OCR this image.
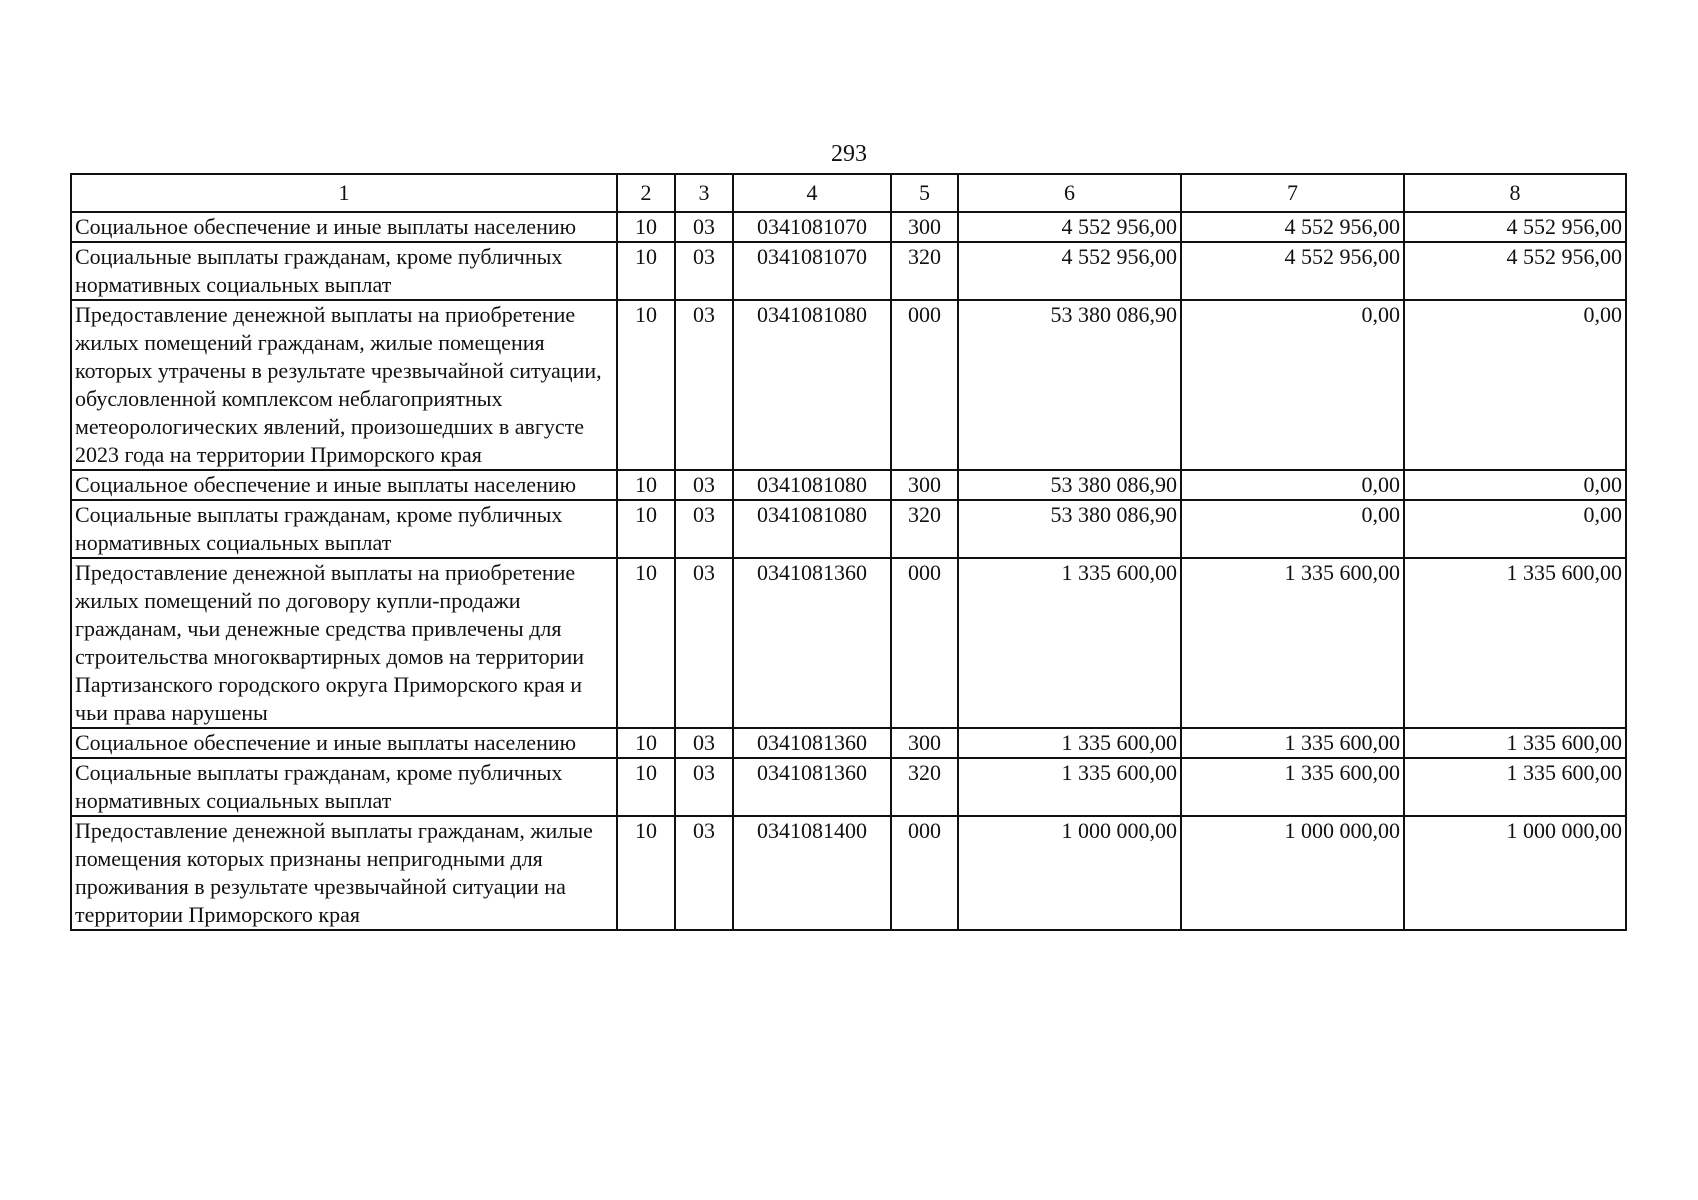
293
1	2	3	4	5	6	7	8
Социальное обеспечение и иные выплаты населению	10	03	0341081070	300	4 552 956,00	4 552 956,00	4 552 956,00
Социальные выплаты гражданам, кроме публичных нормативных социальных выплат	10	03	0341081070	320	4 552 956,00	4 552 956,00	4 552 956,00
Предоставление денежной выплаты на приобретение жилых помещений гражданам, жилые помещения которых утрачены в результате чрезвычайной ситуации, обусловленной комплексом неблагоприятных метеорологических явлений, произошедших в августе 2023 года на территории Приморского края	10	03	0341081080	000	53 380 086,90	0,00	0,00
Социальное обеспечение и иные выплаты населению	10	03	0341081080	300	53 380 086,90	0,00	0,00
Социальные выплаты гражданам, кроме публичных нормативных социальных выплат	10	03	0341081080	320	53 380 086,90	0,00	0,00
Предоставление денежной выплаты на приобретение жилых помещений по договору купли-продажи гражданам, чьи денежные средства привлечены для строительства многоквартирных домов на территории Партизанского городского округа Приморского края и чьи права нарушены	10	03	0341081360	000	1 335 600,00	1 335 600,00	1 335 600,00
Социальное обеспечение и иные выплаты населению	10	03	0341081360	300	1 335 600,00	1 335 600,00	1 335 600,00
Социальные выплаты гражданам, кроме публичных нормативных социальных выплат	10	03	0341081360	320	1 335 600,00	1 335 600,00	1 335 600,00
Предоставление денежной выплаты гражданам, жилые помещения которых признаны непригодными для проживания в результате чрезвычайной ситуации на территории Приморского края	10	03	0341081400	000	1 000 000,00	1 000 000,00	1 000 000,00
